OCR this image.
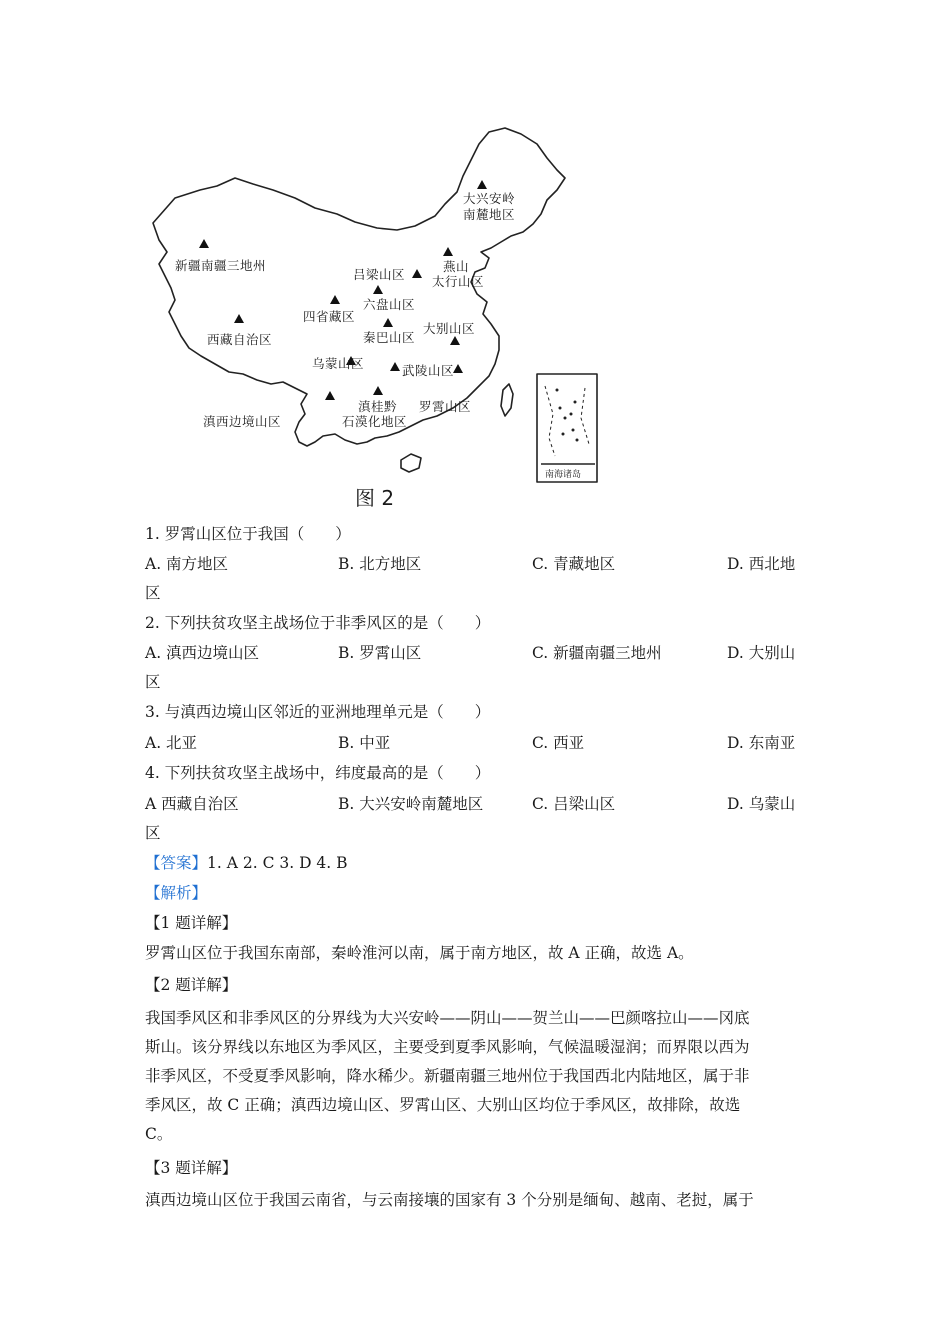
大兴安岭
南麓地区
新疆南疆三地州
吕梁山区
燕山
太行山区
六盘山区
四省藏区
西藏自治区	秦巴山区
大别山区
乌蒙山区	武陵山区
罗霄山区
滇桂黔
石漠化地区
滇西边境山区
南海诸岛
图 2
1. 罗霄山区位于我国（　　）
A. 南方地区	B. 北方地区	C. 青藏地区	D. 西北地
区
2. 下列扶贫攻坚主战场位于非季风区的是（　　）
A. 滇西边境山区	B. 罗霄山区	C. 新疆南疆三地州	D. 大别山
区
3. 与滇西边境山区邻近的亚洲地理单元是（　　）
A. 北亚	B. 中亚	C. 西亚	D. 东南亚
4. 下列扶贫攻坚主战场中，纬度最高的是（　　）
A 西藏自治区	B. 大兴安岭南麓地区	C. 吕梁山区	D. 乌蒙山
区
【答案】1. A 2. C 3. D 4. B
【解析】
【1 题详解】
罗霄山区位于我国东南部，秦岭淮河以南，属于南方地区，故 A 正确，故选 A。
【2 题详解】
我国季风区和非季风区的分界线为大兴安岭——阴山——贺兰山——巴颜喀拉山——冈底
斯山。该分界线以东地区为季风区，主要受到夏季风影响，气候温暖湿润；而界限以西为
非季风区，不受夏季风影响，降水稀少。新疆南疆三地州位于我国西北内陆地区，属于非
季风区，故 C 正确；滇西边境山区、罗霄山区、大别山区均位于季风区，故排除，故选
C。
【3 题详解】
滇西边境山区位于我国云南省，与云南接壤的国家有 3 个分别是缅甸、越南、老挝，属于
